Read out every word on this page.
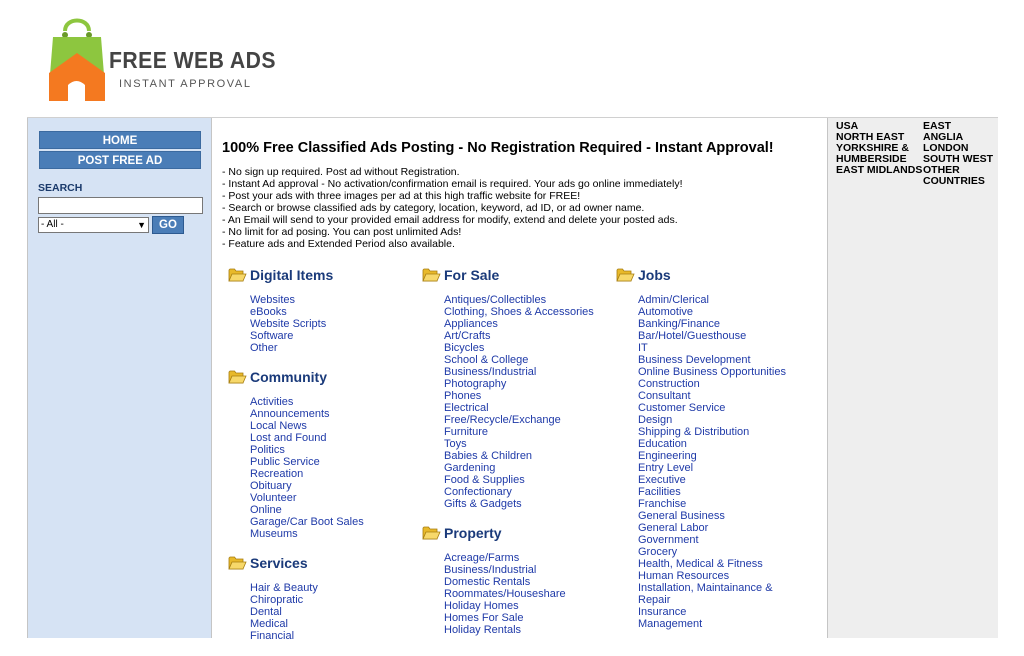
FREE WEB ADS
INSTANT APPROVAL
HOME
POST FREE AD
SEARCH
- All -	▼	GO
100% Free Classified Ads Posting - No Registration Required - Instant Approval!
- No sign up required. Post ad without Registration.
- Instant Ad approval - No activation/confirmation email is required. Your ads go online immediately!
- Post your ads with three images per ad at this high traffic website for FREE!
- Search or browse classified ads by category, location, keyword, ad ID, or ad owner name.
- An Email will send to your provided email address for modify, extend and delete your posted ads.
- No limit for ad posing. You can post unlimited Ads!
- Feature ads and Extended Period also available.
Digital Items
Websites
eBooks
Website Scripts
Software
Other
Community
Activities
Announcements
Local News
Lost and Found
Politics
Public Service
Recreation
Obituary
Volunteer
Online
Garage/Car Boot Sales
Museums
Services
Hair & Beauty
Chiropratic
Dental
Medical
Financial
For Sale
Antiques/Collectibles
Clothing, Shoes & Accessories
Appliances
Art/Crafts
Bicycles
School & College
Business/Industrial
Photography
Phones
Electrical
Free/Recycle/Exchange
Furniture
Toys
Babies & Children
Gardening
Food & Supplies
Confectionary
Gifts & Gadgets
Property
Acreage/Farms
Business/Industrial
Domestic Rentals
Roommates/Houseshare
Holiday Homes
Homes For Sale
Holiday Rentals
Jobs
Admin/Clerical
Automotive
Banking/Finance
Bar/Hotel/Guesthouse
IT
Business Development
Online Business Opportunities
Construction
Consultant
Customer Service
Design
Shipping & Distribution
Education
Engineering
Entry Level
Executive
Facilities
Franchise
General Business
General Labor
Government
Grocery
Health, Medical & Fitness
Human Resources
Installation, Maintainance & Repair
Insurance
Management
USA
NORTH EAST
YORKSHIRE &
HUMBERSIDE
EAST MIDLANDS
EAST
ANGLIA
LONDON
SOUTH WEST
OTHER
COUNTRIES
